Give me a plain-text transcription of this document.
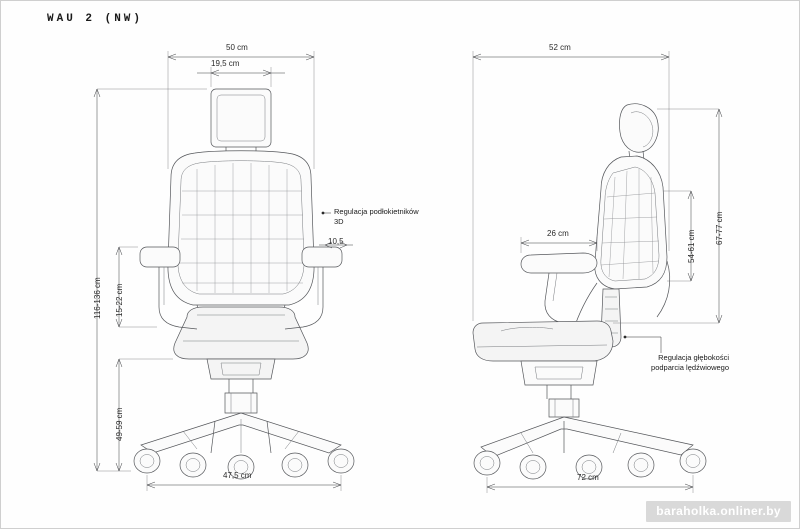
WAU 2 (NW)
50 cm
19,5 cm
10,5
116-136 cm 15-22 cm
49-59 cm
47,5 cm
52 cm
26 cm	67-77 cm
54-61 cm
72 cm
Regulacja podłokietników
3D
Regulacja głębokości
podparcia lędźwiowego
baraholka.onliner.by
